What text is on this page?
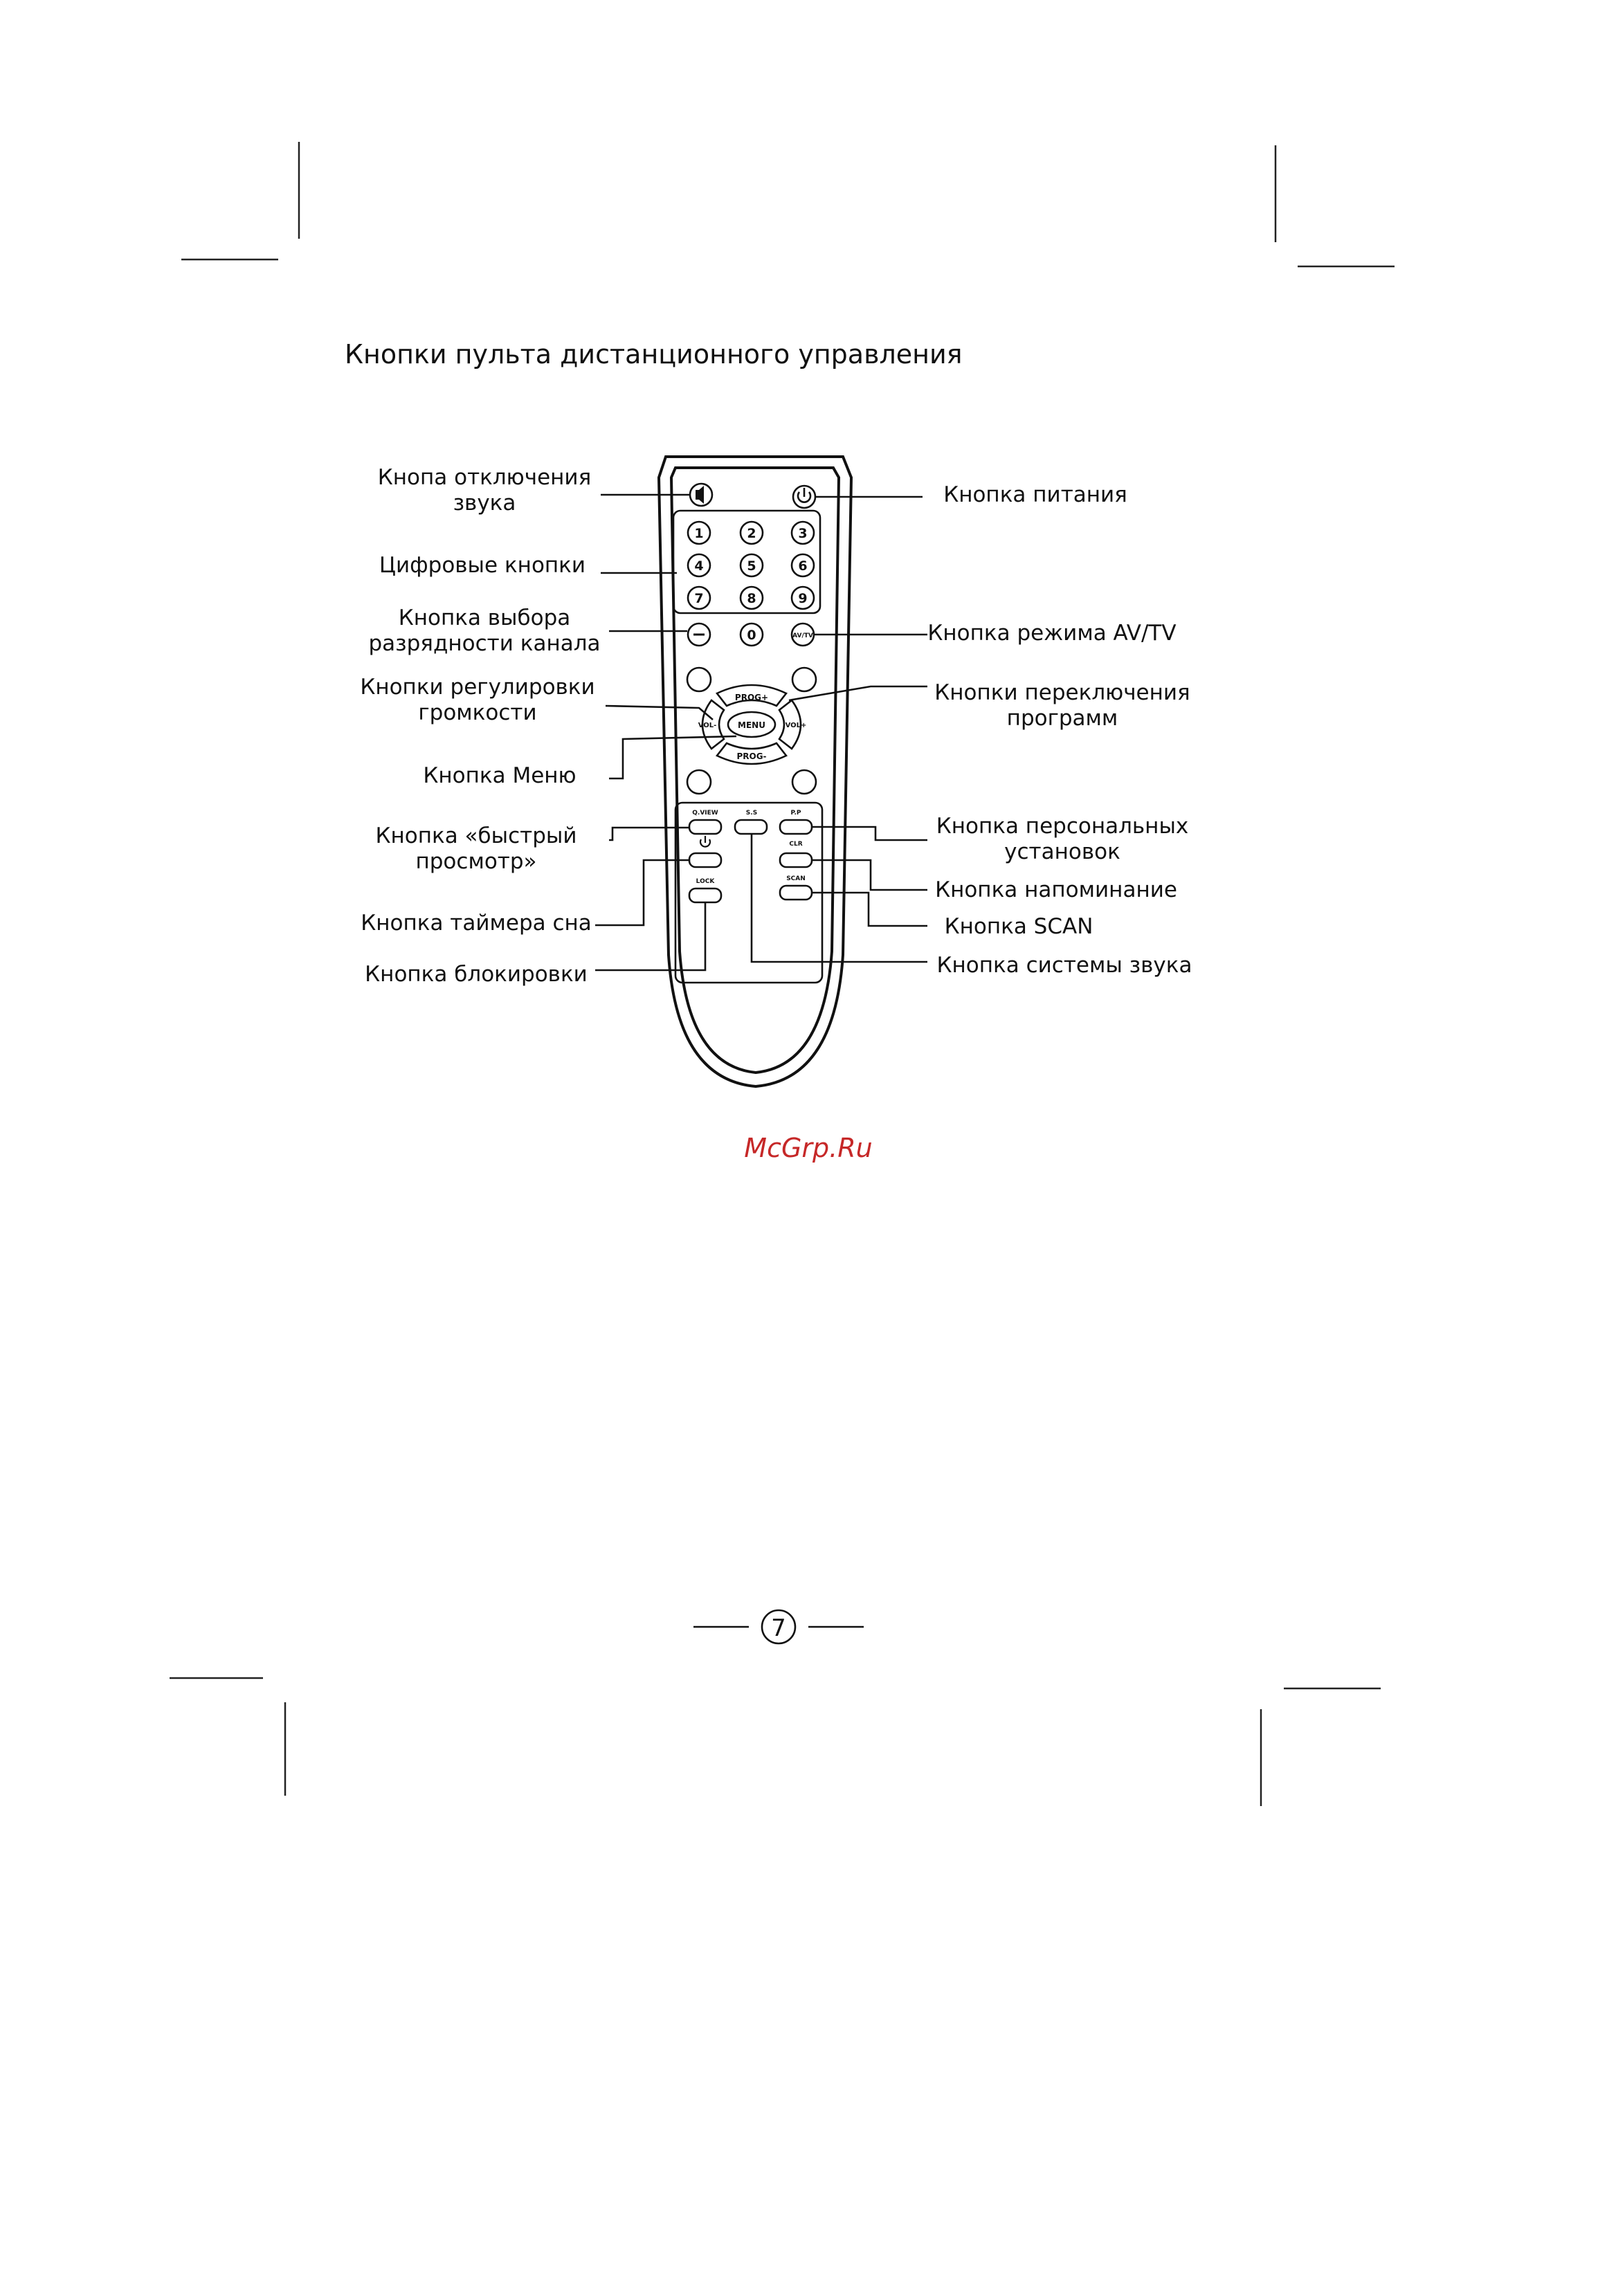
Кнопки пульта дистанционного управления
1	2	3
4	5	6
7	8	9
0	AV/TV
PROG+
PROG-
VOL-	VOL+
MENU
Q.VIEW	S.S	P.P
CLR
LOCK	SCAN
Кнопа отключения звука
Цифровые кнопки
Кнопка выбора разрядности канала
Кнопки регулировки громкости
Кнопка Меню
Кнопка «быстрый просмотр»
Кнопка таймера сна
Кнопка блокировки
Кнопка питания
Кнопка режима AV/TV
Кнопки переключения программ
Кнопка персональных установок
Кнопка напоминание
Кнопка SCAN
Кнопка системы звука
McGrp.Ru
7
